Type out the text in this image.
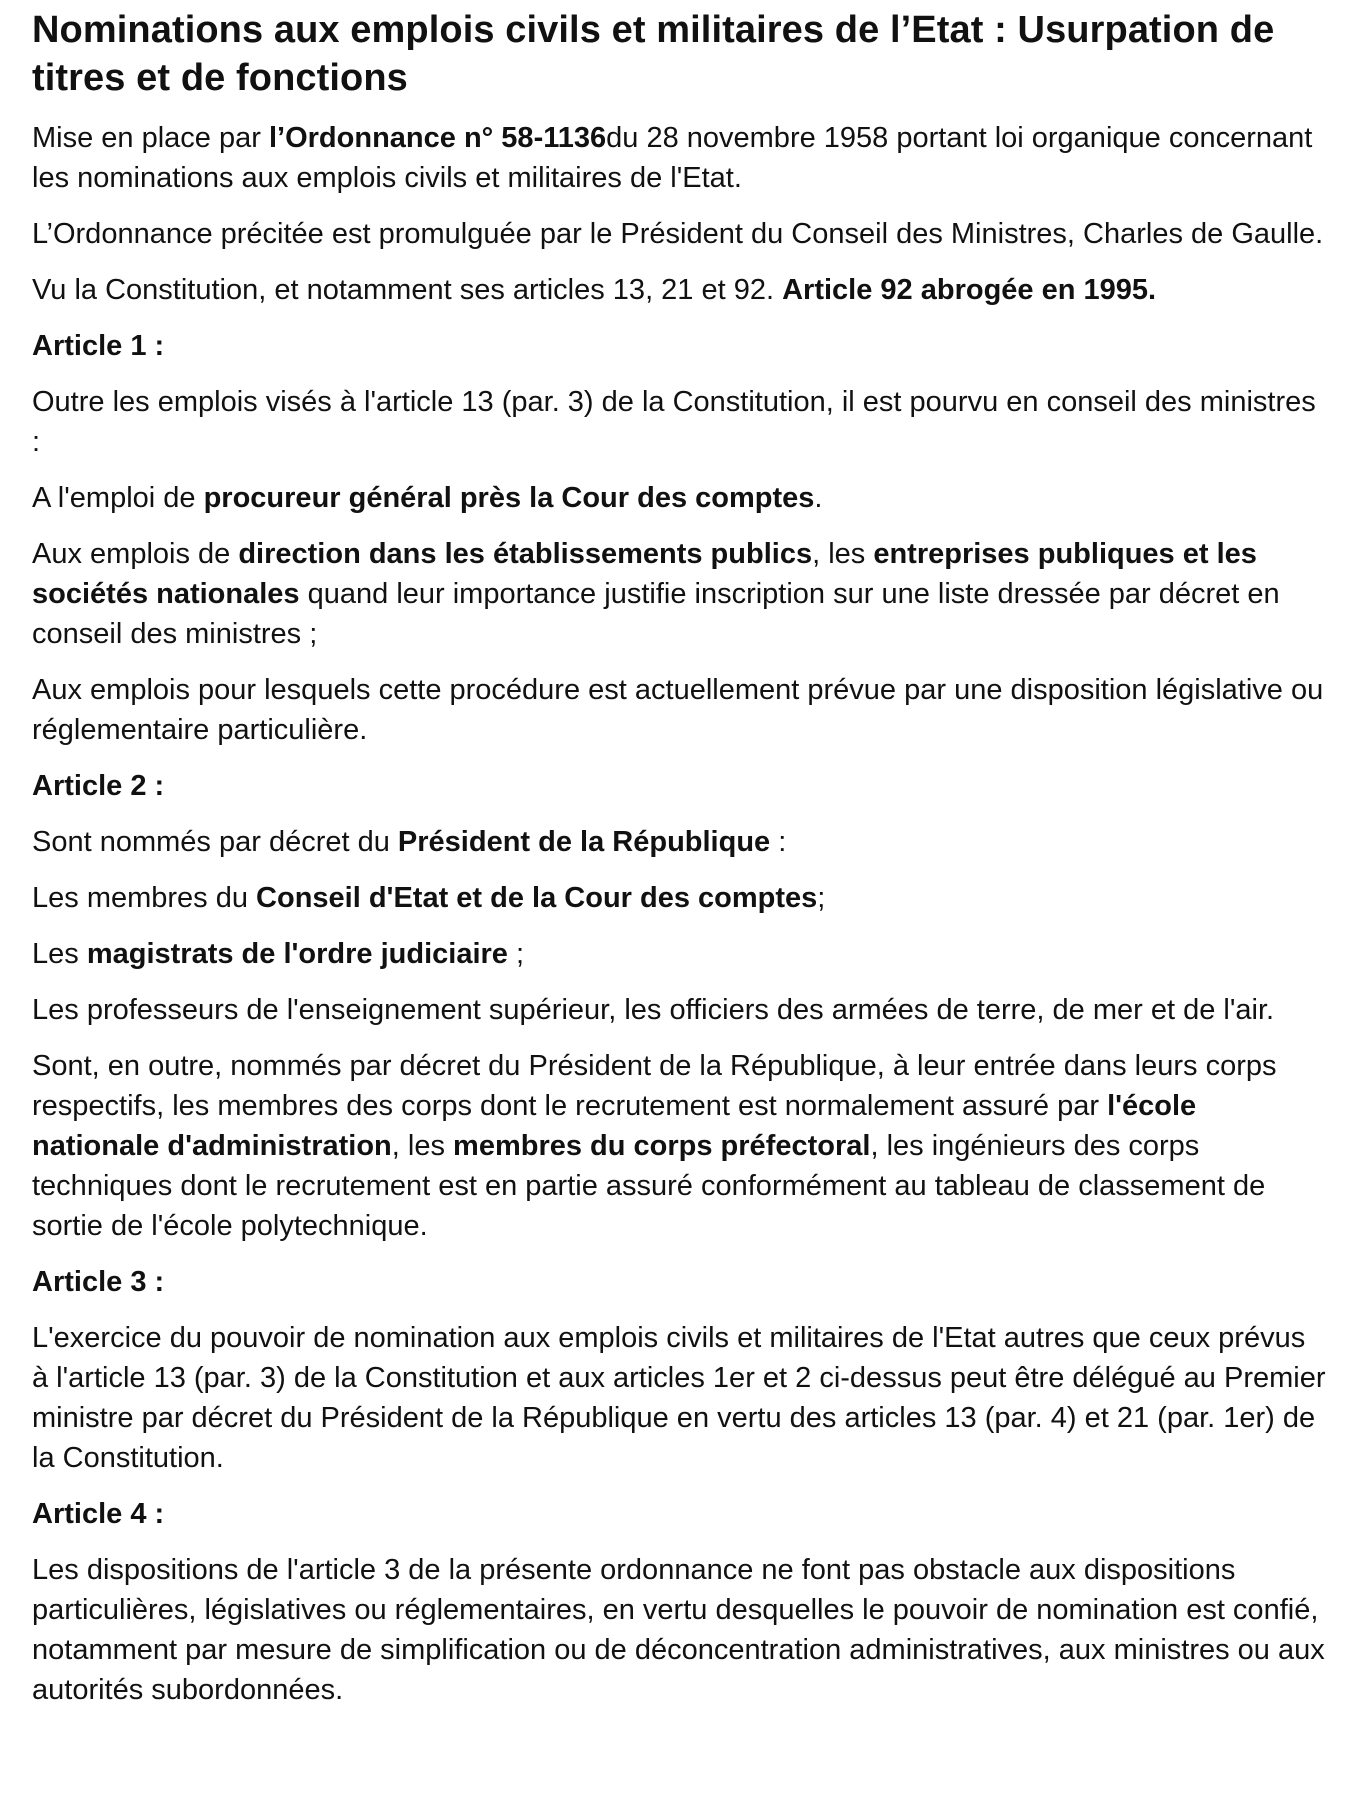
Nominations aux emplois civils et militaires de l’Etat : Usurpation de titres et de fonctions

Mise en place par l’Ordonnance n° 58-1136du 28 novembre 1958 portant loi organique concernant les nominations aux emplois civils et militaires de l'Etat.

L’Ordonnance précitée est promulguée par le Président du Conseil des Ministres, Charles de Gaulle.

Vu la Constitution, et notamment ses articles 13, 21 et 92. Article 92 abrogée en 1995.

Article 1 :

Outre les emplois visés à l'article 13 (par. 3) de la Constitution, il est pourvu en conseil des ministres :

A l'emploi de procureur général près la Cour des comptes.

Aux emplois de direction dans les établissements publics, les entreprises publiques et les sociétés nationales quand leur importance justifie inscription sur une liste dressée par décret en conseil des ministres ;

Aux emplois pour lesquels cette procédure est actuellement prévue par une disposition législative ou réglementaire particulière.

Article 2 :

Sont nommés par décret du Président de la République :

Les membres du Conseil d'Etat et de la Cour des comptes;

Les magistrats de l'ordre judiciaire ;

Les professeurs de l'enseignement supérieur, les officiers des armées de terre, de mer et de l'air.

Sont, en outre, nommés par décret du Président de la République, à leur entrée dans leurs corps respectifs, les membres des corps dont le recrutement est normalement assuré par l'école nationale d'administration, les membres du corps préfectoral, les ingénieurs des corps techniques dont le recrutement est en partie assuré conformément au tableau de classement de sortie de l'école polytechnique.

Article 3 :

L'exercice du pouvoir de nomination aux emplois civils et militaires de l'Etat autres que ceux prévus à l'article 13 (par. 3) de la Constitution et aux articles 1er et 2 ci-dessus peut être délégué au Premier ministre par décret du Président de la République en vertu des articles 13 (par. 4) et 21 (par. 1er) de la Constitution.

Article 4 :

Les dispositions de l'article 3 de la présente ordonnance ne font pas obstacle aux dispositions particulières, législatives ou réglementaires, en vertu desquelles le pouvoir de nomination est confié, notamment par mesure de simplification ou de déconcentration administratives, aux ministres ou aux autorités subordonnées.
